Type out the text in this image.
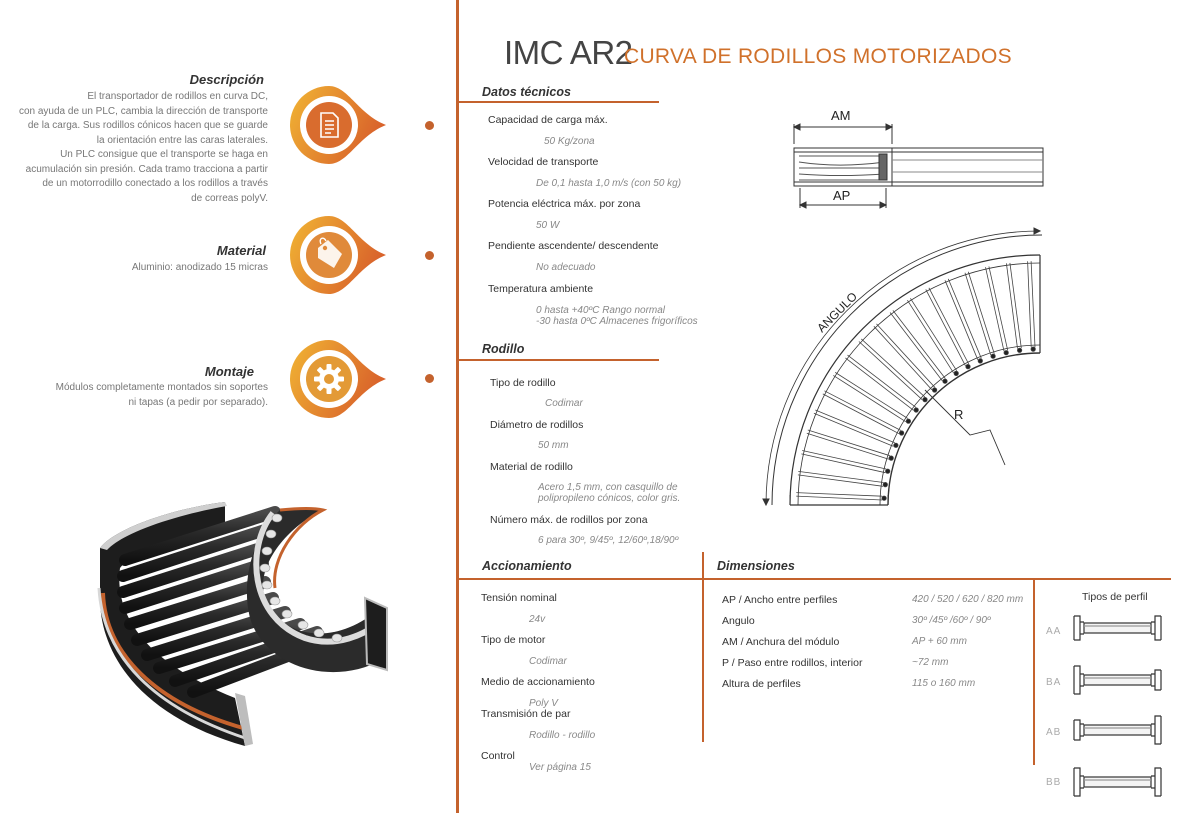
Descripción
El transportador de rodillos en curva DC,
con ayuda de un PLC, cambia la dirección de transporte
de la carga. Sus rodillos cónicos hacen que se guarde
la orientación entre las caras laterales.
Un PLC consigue que el transporte se haga en
acumulación sin presión. Cada tramo tracciona a partir
de un motorrodillo conectado a los rodillos a través
de correas polyV.
Material
Aluminio: anodizado 15 micras
Montaje
Módulos completamente montados sin soportes
ni tapas (a pedir por separado).
IMC AR2
CURVA DE RODILLOS MOTORIZADOS
Datos técnicos
Capacidad de carga máx.
50 Kg/zona
Velocidad de transporte
De 0,1 hasta 1,0 m/s (con 50 kg)
Potencia eléctrica máx. por zona
50 W
Pendiente ascendente/ descendente
No adecuado
Temperatura ambiente
0 hasta +40ºC Rango normal
-30 hasta 0ºC Almacenes frigoríficos
Rodillo
Tipo de rodillo
Codimar
Diámetro de rodillos
50 mm
Material de rodillo
Acero 1,5 mm, con casquillo de
polipropileno cónicos, color gris.
Número máx. de rodillos por zona
6 para 30º, 9/45º, 12/60º,18/90º
Accionamiento
Tensión nominal
24v
Tipo de motor
Codimar
Medio de accionamiento
Poly V
Transmisión de par
Rodillo - rodillo
Control
Ver página 15
Dimensiones
AP / Ancho entre perfiles	420 / 520 / 620 / 820 mm
Angulo	30º /45º /60º / 90º
AM / Anchura del módulo	AP + 60 mm
P / Paso entre rodillos, interior	~72 mm
Altura de perfiles	115 o 160 mm
Tipos de perfil
AA
BA
AB
BB
AM
AP
ANGULO
R
